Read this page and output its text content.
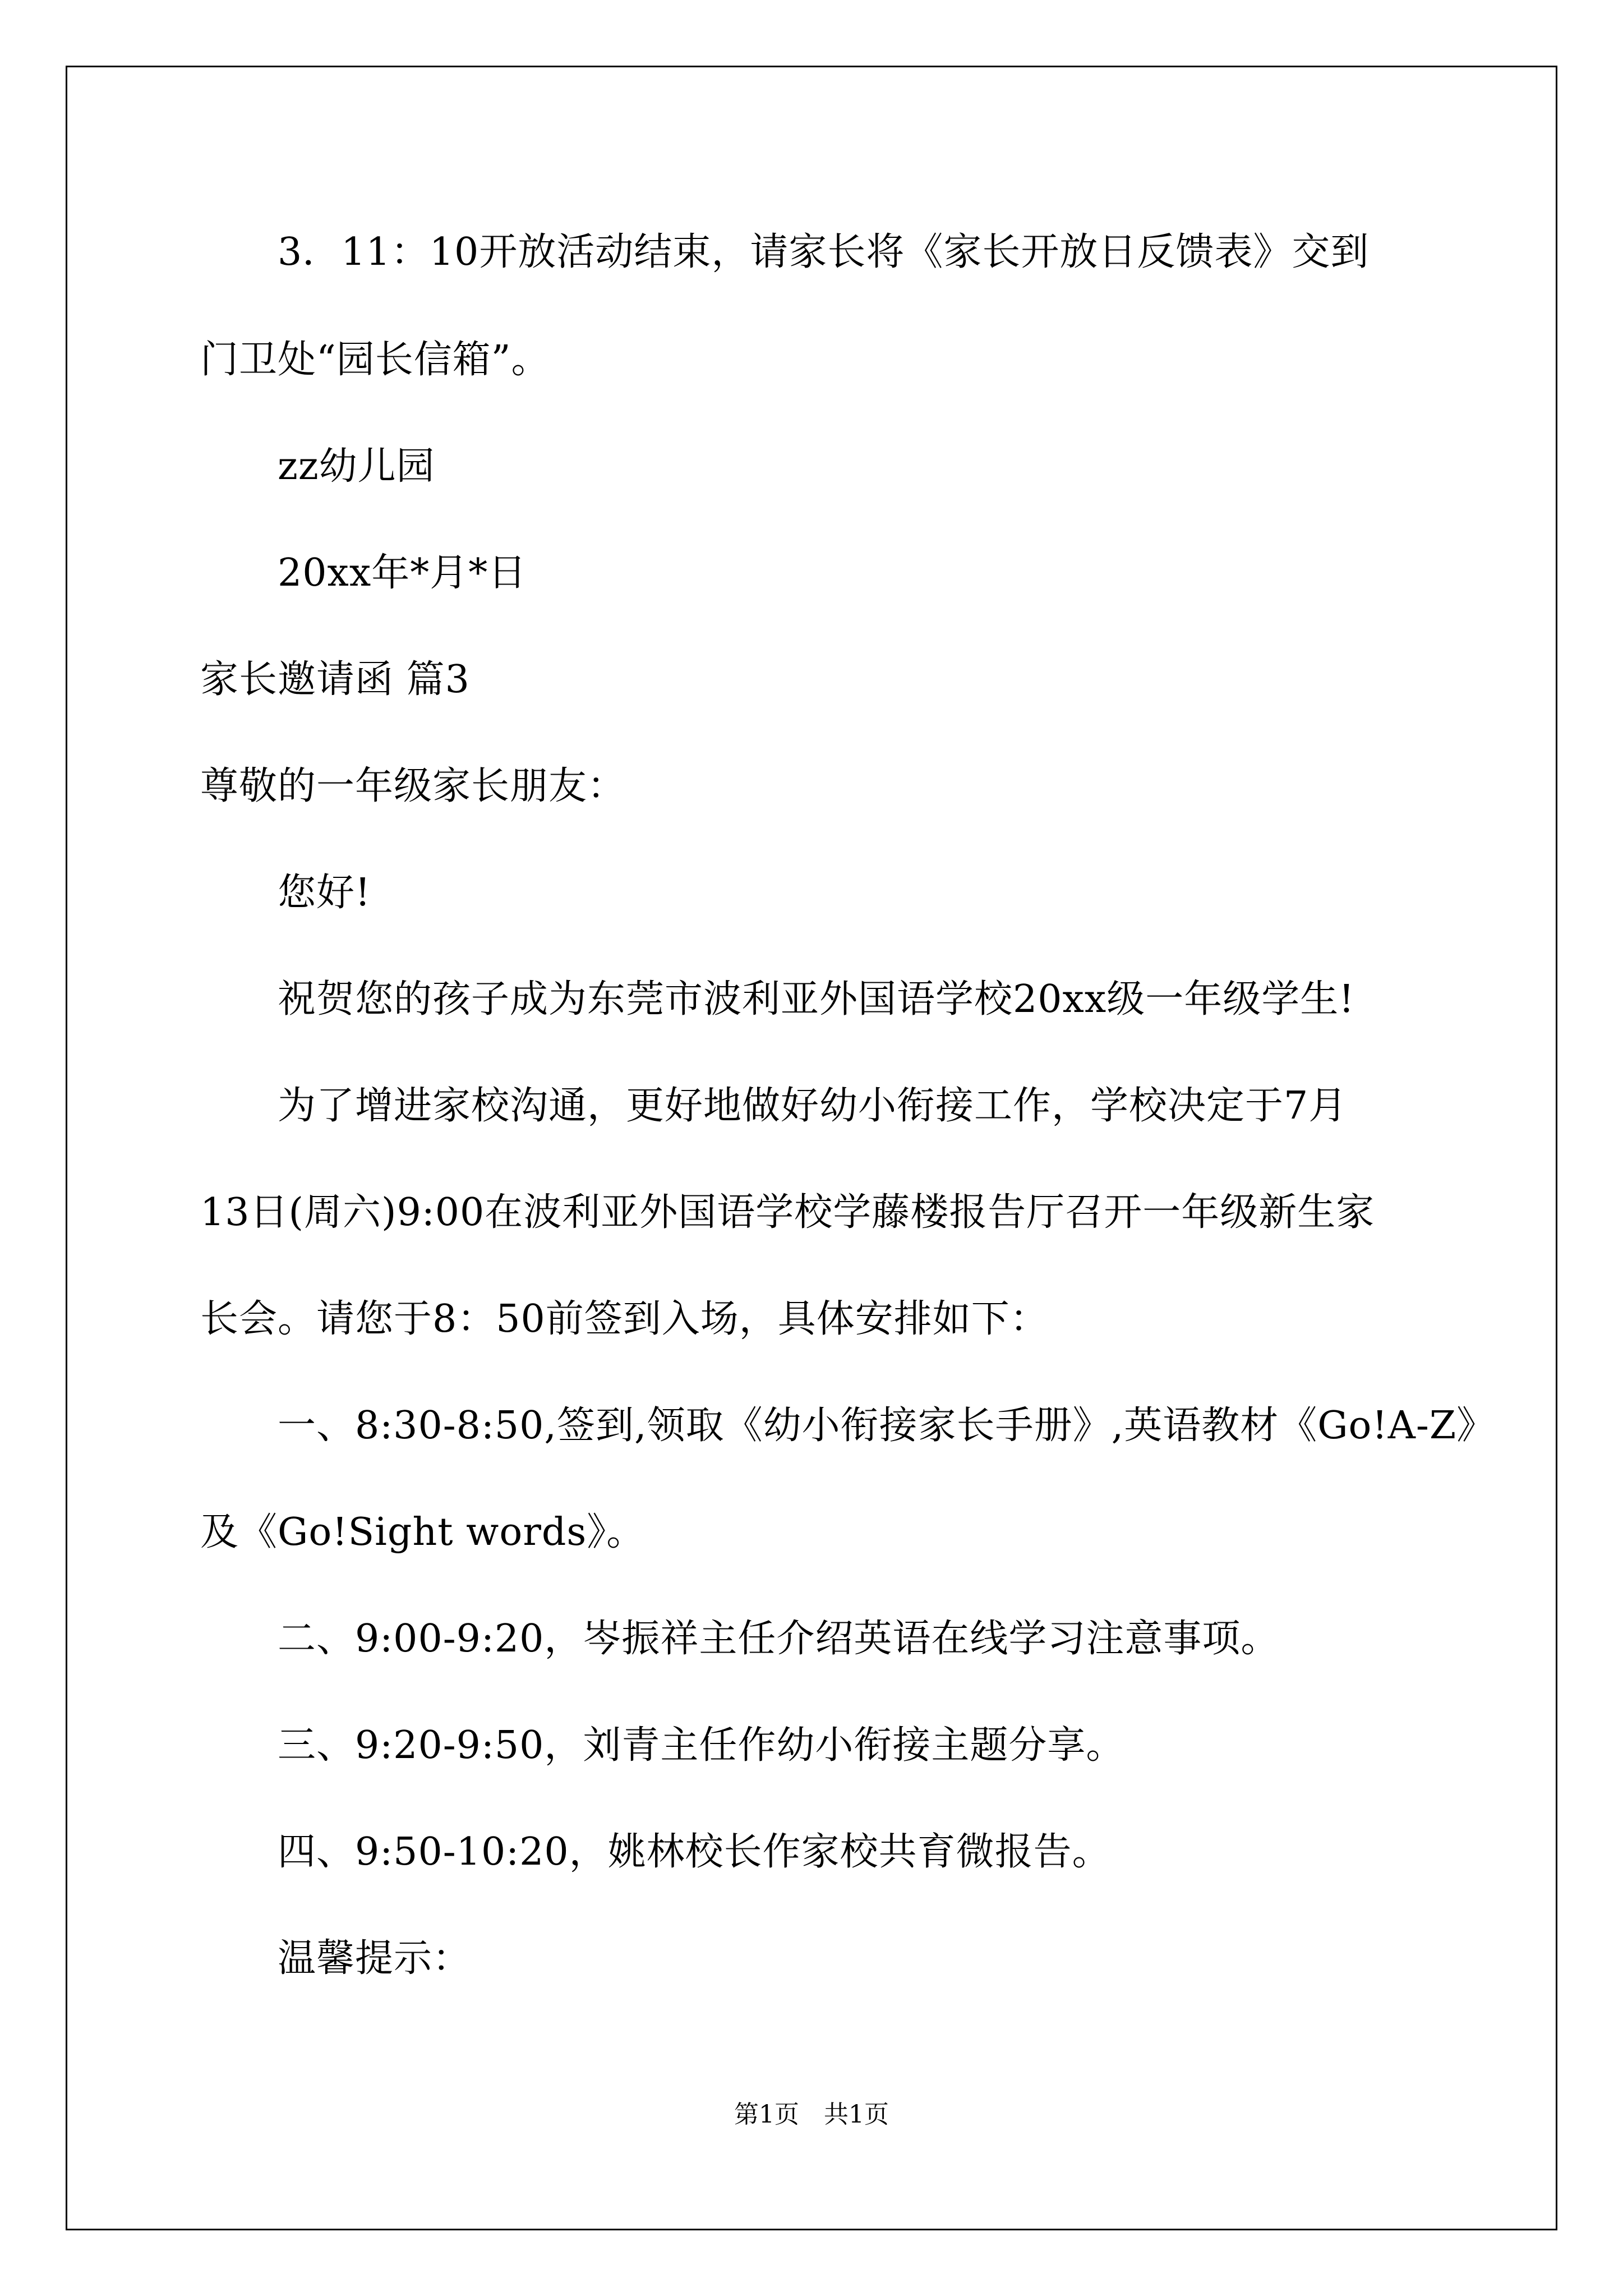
3．11：10开放活动结束，请家长将《家长开放日反馈表》交到
门卫处“园长信箱”。
zz幼儿园
20xx年*月*日
家长邀请函 篇3
尊敬的一年级家长朋友：
您好!
祝贺您的孩子成为东莞市波利亚外国语学校20xx级一年级学生!
为了增进家校沟通，更好地做好幼小衔接工作，学校决定于7月
13日(周六)9:00在波利亚外国语学校学藤楼报告厅召开一年级新生家
长会。请您于8：50前签到入场，具体安排如下：
一、8:30-8:50,签到,领取《幼小衔接家长手册》,英语教材《Go!A-Z》
及《Go!Sight words》。
二、9:00-9:20，岑振祥主任介绍英语在线学习注意事项。
三、9:20-9:50，刘青主任作幼小衔接主题分享。
四、9:50-10:20，姚林校长作家校共育微报告。
温馨提示：
第1页　共1页
